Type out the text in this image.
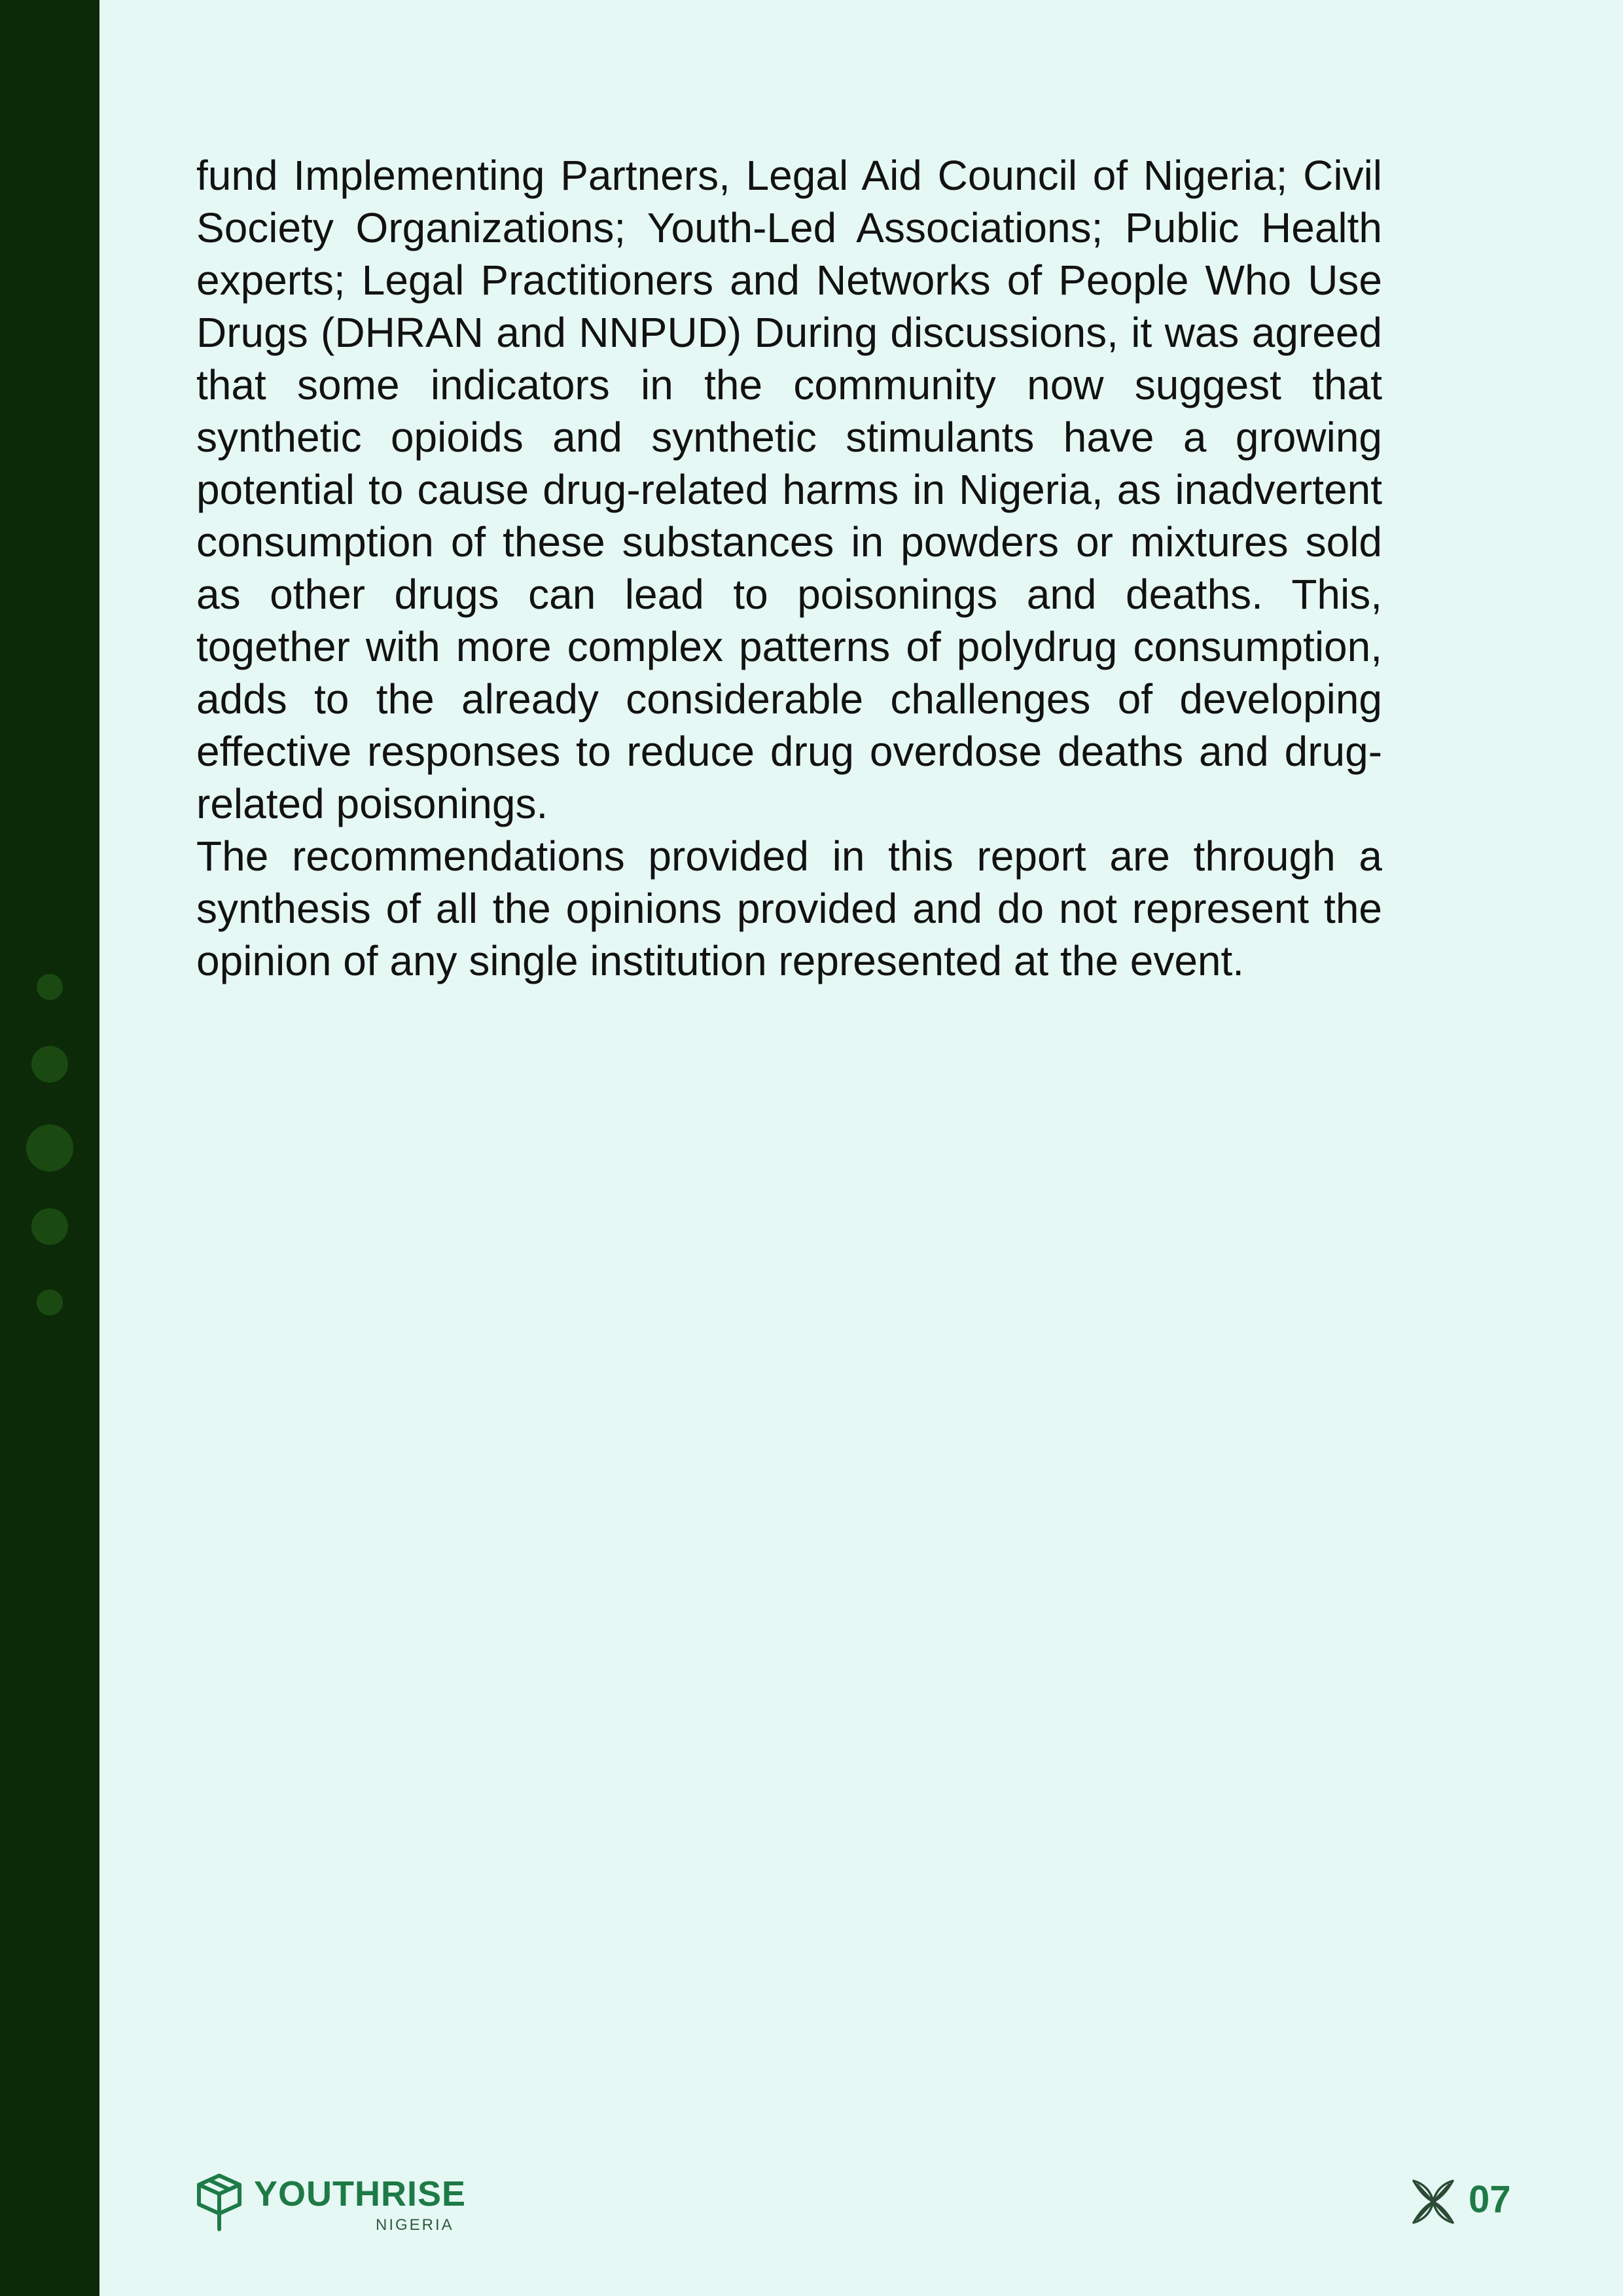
fund Implementing Partners, Legal Aid Council of Nigeria; Civil Society Organizations; Youth-Led Associations; Public Health experts; Legal Practitioners and Networks of People Who Use Drugs (DHRAN and NNPUD) During discussions, it was agreed that some indicators in the community now suggest that synthetic opioids and synthetic stimulants have a growing potential to cause drug-related harms in Nigeria, as inadvertent consumption of these substances in powders or mixtures sold as other drugs can lead to poisonings and deaths. This, together with more complex patterns of polydrug consumption, adds to the already considerable challenges of developing effective responses to reduce drug overdose deaths and drug-related poisonings.

The recommendations provided in this report are through a synthesis of all the opinions provided and do not represent the opinion of any single institution represented at the event.

YOUTHRISE
NIGERIA
07
